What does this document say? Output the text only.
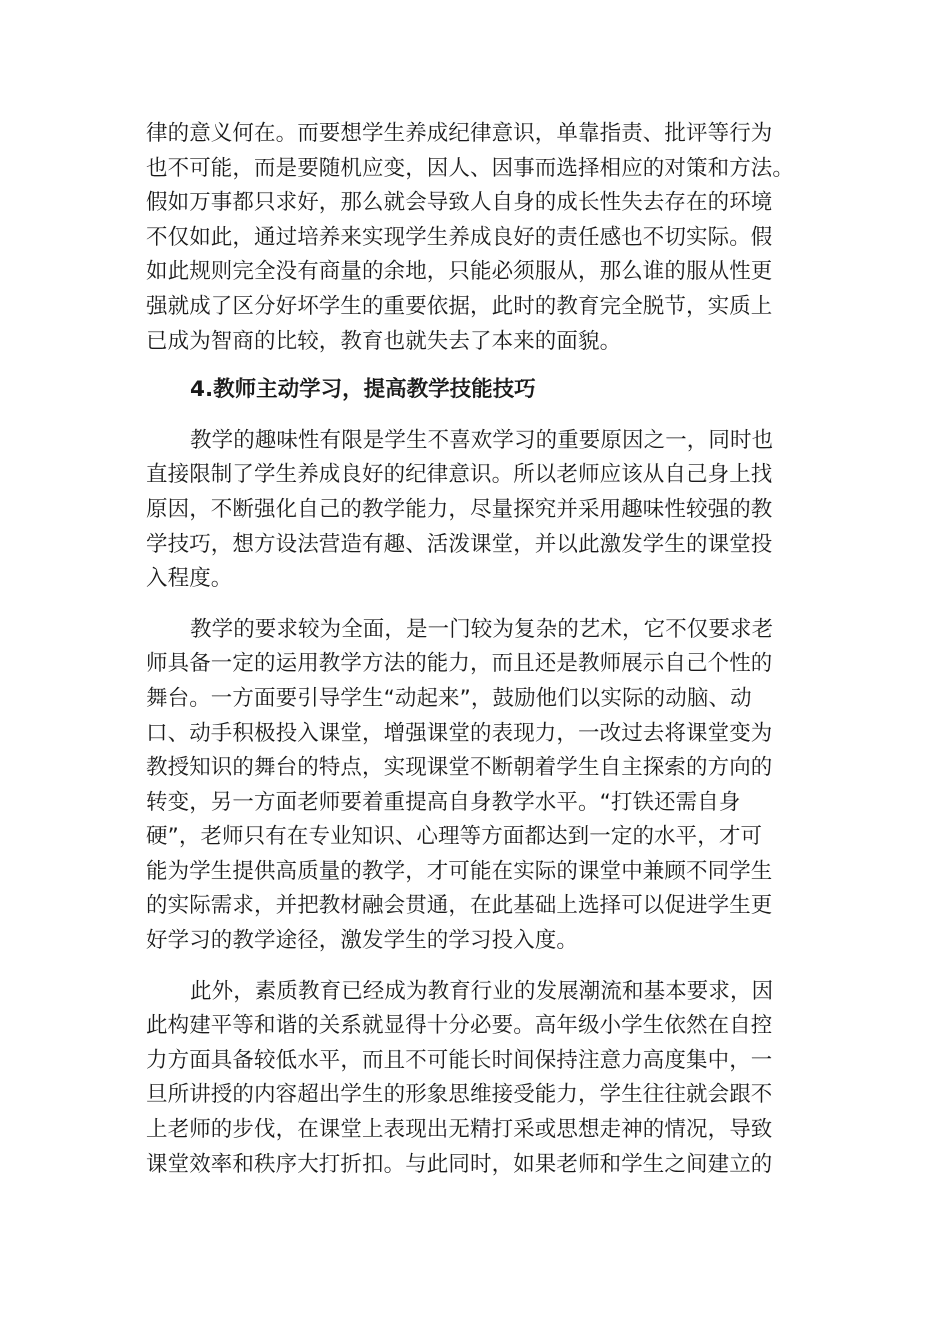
律的意义何在。而要想学生养成纪律意识，单靠指责、批评等行为
也不可能，而是要随机应变，因人、因事而选择相应的对策和方法。
假如万事都只求好，那么就会导致人自身的成长性失去存在的环境
不仅如此，通过培养来实现学生养成良好的责任感也不切实际。假
如此规则完全没有商量的余地，只能必须服从，那么谁的服从性更
强就成了区分好坏学生的重要依据，此时的教育完全脱节，实质上
已成为智商的比较，教育也就失去了本来的面貌。
4.教师主动学习，提高教学技能技巧
教学的趣味性有限是学生不喜欢学习的重要原因之一，同时也
直接限制了学生养成良好的纪律意识。所以老师应该从自己身上找
原因，不断强化自己的教学能力，尽量探究并采用趣味性较强的教
学技巧，想方设法营造有趣、活泼课堂，并以此激发学生的课堂投
入程度。
教学的要求较为全面，是一门较为复杂的艺术，它不仅要求老
师具备一定的运用教学方法的能力，而且还是教师展示自己个性的
舞台。一方面要引导学生“动起来”，鼓励他们以实际的动脑、动
口、动手积极投入课堂，增强课堂的表现力，一改过去将课堂变为
教授知识的舞台的特点，实现课堂不断朝着学生自主探索的方向的
转变，另一方面老师要着重提高自身教学水平。“打铁还需自身
硬”，老师只有在专业知识、心理等方面都达到一定的水平，才可
能为学生提供高质量的教学，才可能在实际的课堂中兼顾不同学生
的实际需求，并把教材融会贯通，在此基础上选择可以促进学生更
好学习的教学途径，激发学生的学习投入度。
此外，素质教育已经成为教育行业的发展潮流和基本要求，因
此构建平等和谐的关系就显得十分必要。高年级小学生依然在自控
力方面具备较低水平，而且不可能长时间保持注意力高度集中，一
旦所讲授的内容超出学生的形象思维接受能力，学生往往就会跟不
上老师的步伐，在课堂上表现出无精打采或思想走神的情况，导致
课堂效率和秩序大打折扣。与此同时，如果老师和学生之间建立的
